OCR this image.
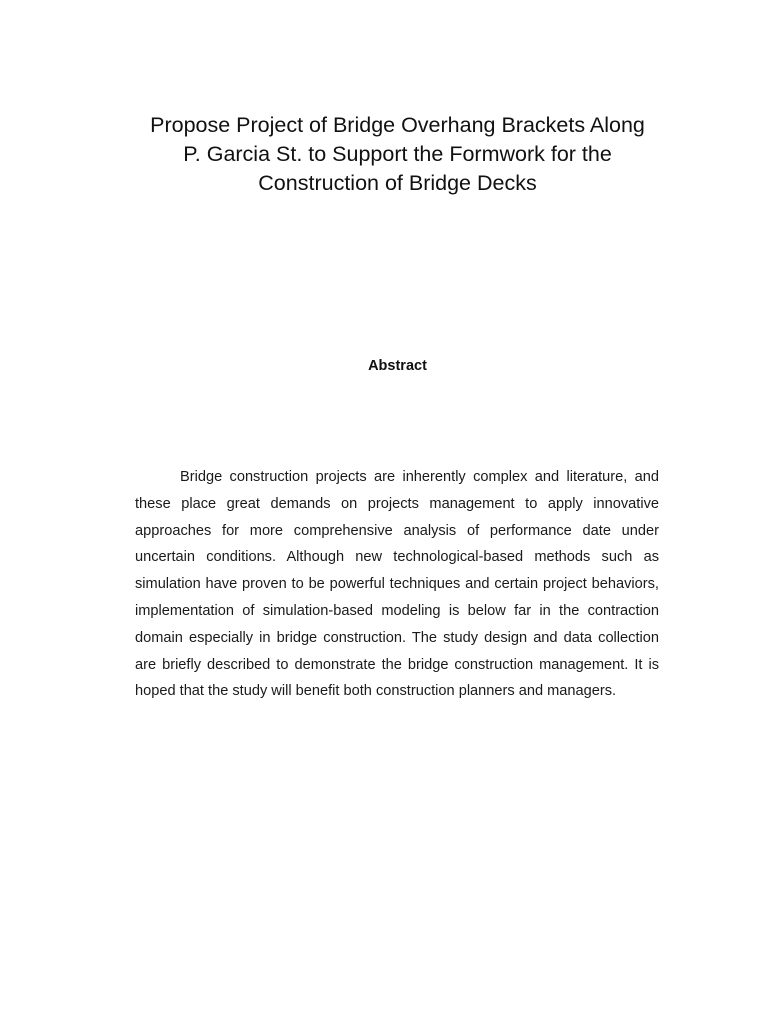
Propose Project of Bridge Overhang Brackets Along
P. Garcia St. to Support the Formwork for the
Construction of Bridge Decks
Abstract

Bridge construction projects are inherently complex and literature, and these place great demands on projects management to apply innovative approaches for more comprehensive analysis of performance date under uncertain conditions. Although new technological-based methods such as simulation have proven to be powerful techniques and certain project behaviors, implementation of simulation-based modeling is below far in the contraction domain especially in bridge construction. The study design and data collection are briefly described to demonstrate the bridge construction management. It is hoped that the study will benefit both construction planners and managers.
